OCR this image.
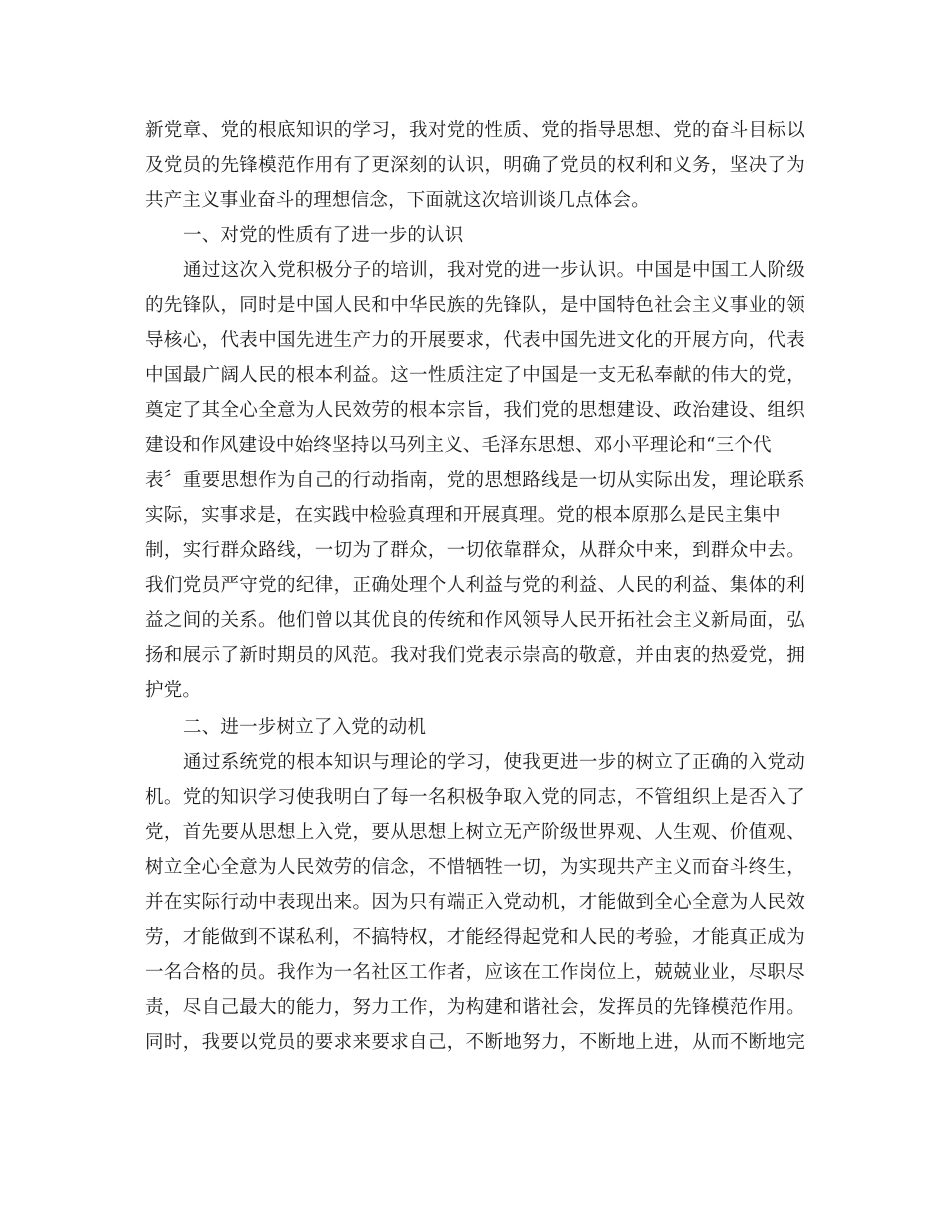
新党章、党的根底知识的学习，我对党的性质、党的指导思想、党的奋斗目标以
及党员的先锋模范作用有了更深刻的认识，明确了党员的权利和义务，坚决了为
共产主义事业奋斗的理想信念，下面就这次培训谈几点体会。
一、对党的性质有了进一步的认识
通过这次入党积极分子的培训，我对党的进一步认识。中国是中国工人阶级
的先锋队，同时是中国人民和中华民族的先锋队，是中国特色社会主义事业的领
导核心，代表中国先进生产力的开展要求，代表中国先进文化的开展方向，代表
中国最广阔人民的根本利益。这一性质注定了中国是一支无私奉献的伟大的党，
奠定了其全心全意为人民效劳的根本宗旨，我们党的思想建设、政治建设、组织
建设和作风建设中始终坚持以马列主义、毛泽东思想、邓小平理论和“三个代
表〞重要思想作为自己的行动指南，党的思想路线是一切从实际出发，理论联系
实际，实事求是，在实践中检验真理和开展真理。党的根本原那么是民主集中
制，实行群众路线，一切为了群众，一切依靠群众，从群众中来，到群众中去。
我们党员严守党的纪律，正确处理个人利益与党的利益、人民的利益、集体的利
益之间的关系。他们曾以其优良的传统和作风领导人民开拓社会主义新局面，弘
扬和展示了新时期员的风范。我对我们党表示崇高的敬意，并由衷的热爱党，拥
护党。
二、进一步树立了入党的动机
通过系统党的根本知识与理论的学习，使我更进一步的树立了正确的入党动
机。党的知识学习使我明白了每一名积极争取入党的同志，不管组织上是否入了
党，首先要从思想上入党，要从思想上树立无产阶级世界观、人生观、价值观、
树立全心全意为人民效劳的信念，不惜牺牲一切，为实现共产主义而奋斗终生，
并在实际行动中表现出来。因为只有端正入党动机，才能做到全心全意为人民效
劳，才能做到不谋私利，不搞特权，才能经得起党和人民的考验，才能真正成为
一名合格的员。我作为一名社区工作者，应该在工作岗位上，兢兢业业，尽职尽
责，尽自己最大的能力，努力工作，为构建和谐社会，发挥员的先锋模范作用。
同时，我要以党员的要求来要求自己，不断地努力，不断地上进，从而不断地完
